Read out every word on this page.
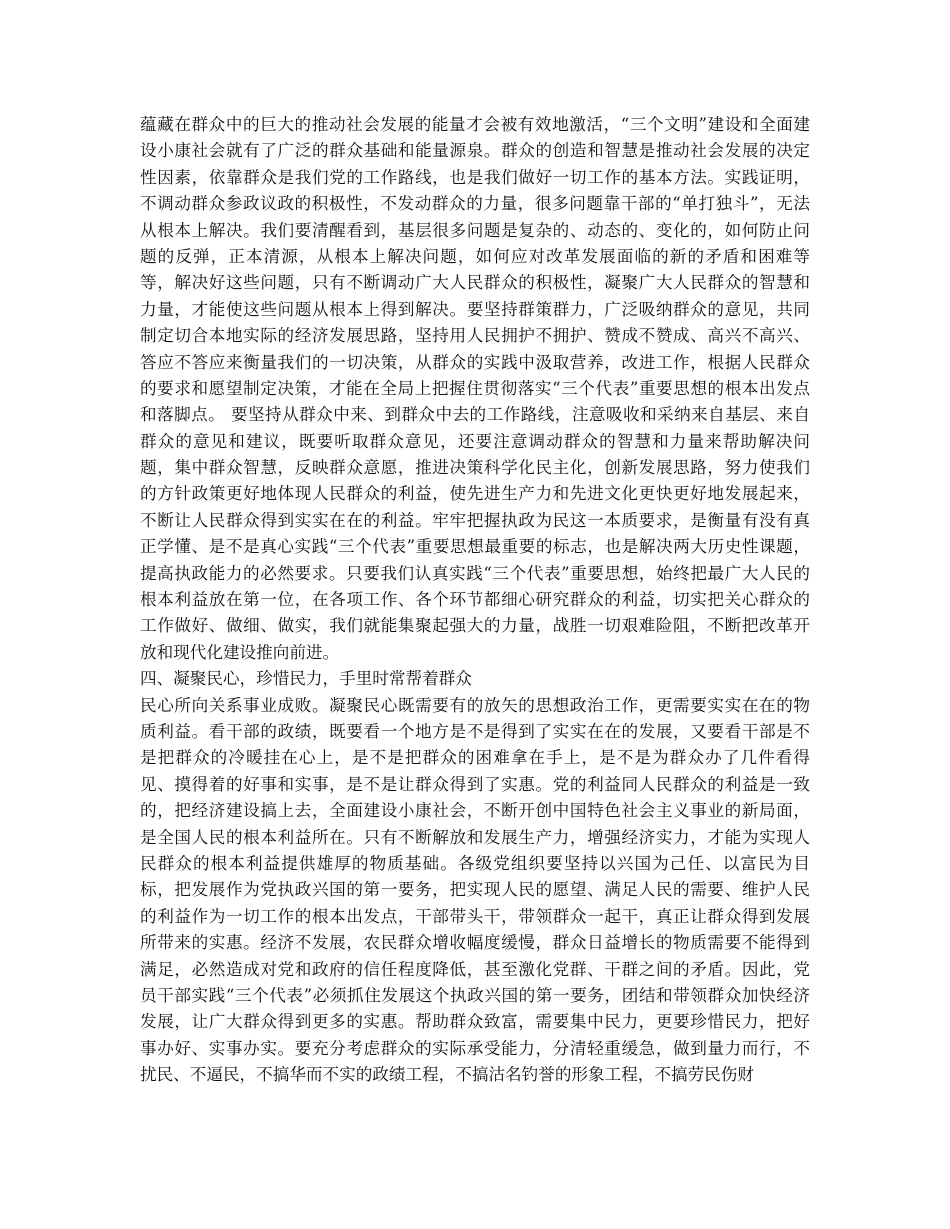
蕴藏在群众中的巨大的推动社会发展的能量才会被有效地激活，“三个文明”建设和全面建
设小康社会就有了广泛的群众基础和能量源泉。群众的创造和智慧是推动社会发展的决定
性因素，依靠群众是我们党的工作路线，也是我们做好一切工作的基本方法。实践证明，
不调动群众参政议政的积极性，不发动群众的力量，很多问题靠干部的“单打独斗”，无法
从根本上解决。我们要清醒看到，基层很多问题是复杂的、动态的、变化的，如何防止问
题的反弹，正本清源，从根本上解决问题，如何应对改革发展面临的新的矛盾和困难等
等，解决好这些问题，只有不断调动广大人民群众的积极性，凝聚广大人民群众的智慧和
力量，才能使这些问题从根本上得到解决。要坚持群策群力，广泛吸纳群众的意见，共同
制定切合本地实际的经济发展思路，坚持用人民拥护不拥护、赞成不赞成、高兴不高兴、
答应不答应来衡量我们的一切决策，从群众的实践中汲取营养，改进工作，根据人民群众
的要求和愿望制定决策，才能在全局上把握住贯彻落实“三个代表”重要思想的根本出发点
和落脚点。 要坚持从群众中来、到群众中去的工作路线，注意吸收和采纳来自基层、来自
群众的意见和建议，既要听取群众意见，还要注意调动群众的智慧和力量来帮助解决问
题，集中群众智慧，反映群众意愿，推进决策科学化民主化，创新发展思路，努力使我们
的方针政策更好地体现人民群众的利益，使先进生产力和先进文化更快更好地发展起来，
不断让人民群众得到实实在在的利益。牢牢把握执政为民这一本质要求，是衡量有没有真
正学懂、是不是真心实践“三个代表”重要思想最重要的标志，也是解决两大历史性课题，
提高执政能力的必然要求。只要我们认真实践“三个代表”重要思想，始终把最广大人民的
根本利益放在第一位，在各项工作、各个环节都细心研究群众的利益，切实把关心群众的
工作做好、做细、做实，我们就能集聚起强大的力量，战胜一切艰难险阻，不断把改革开
放和现代化建设推向前进。
四、凝聚民心，珍惜民力，手里时常帮着群众
民心所向关系事业成败。凝聚民心既需要有的放矢的思想政治工作，更需要实实在在的物
质利益。看干部的政绩，既要看一个地方是不是得到了实实在在的发展，又要看干部是不
是把群众的冷暖挂在心上，是不是把群众的困难拿在手上，是不是为群众办了几件看得
见、摸得着的好事和实事，是不是让群众得到了实惠。党的利益同人民群众的利益是一致
的，把经济建设搞上去，全面建设小康社会，不断开创中国特色社会主义事业的新局面，
是全国人民的根本利益所在。只有不断解放和发展生产力，增强经济实力，才能为实现人
民群众的根本利益提供雄厚的物质基础。各级党组织要坚持以兴国为己任、以富民为目
标，把发展作为党执政兴国的第一要务，把实现人民的愿望、满足人民的需要、维护人民
的利益作为一切工作的根本出发点，干部带头干，带领群众一起干，真正让群众得到发展
所带来的实惠。经济不发展，农民群众增收幅度缓慢，群众日益增长的物质需要不能得到
满足，必然造成对党和政府的信任程度降低，甚至激化党群、干群之间的矛盾。因此，党
员干部实践“三个代表”必须抓住发展这个执政兴国的第一要务，团结和带领群众加快经济
发展，让广大群众得到更多的实惠。帮助群众致富，需要集中民力，更要珍惜民力，把好
事办好、实事办实。要充分考虑群众的实际承受能力，分清轻重缓急，做到量力而行，不
扰民、不逼民，不搞华而不实的政绩工程，不搞沽名钓誉的形象工程，不搞劳民伤财
